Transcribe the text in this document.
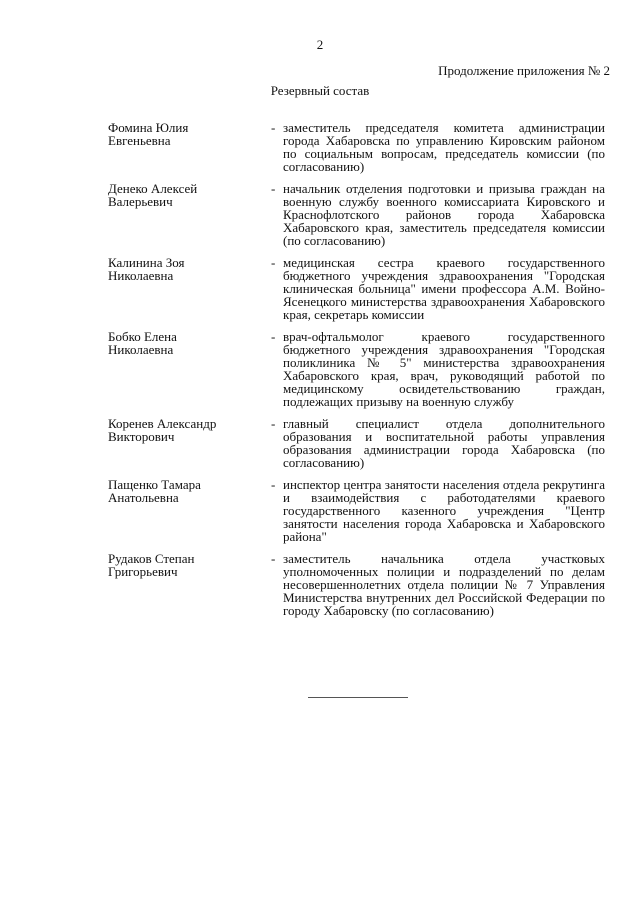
2
Продолжение приложения № 2
Резервный состав
Фомина Юлия
Евгеньевна
- заместитель председателя комитета администрации города Хабаровска по управлению Кировским районом по социальным вопросам, председатель комиссии (по согласованию)
Денеко Алексей
Валерьевич
- начальник отделения подготовки и призыва граждан на военную службу военного комиссариата Кировского и Краснофлотского районов города Хабаровска Хабаровского края, заместитель председателя комиссии (по согласованию)
Калинина Зоя
Николаевна
- медицинская сестра краевого государственного бюджетного учреждения здравоохранения "Городская клиническая больница" имени профессора А.М. Войно-Ясенецкого министерства здравоохранения Хабаровского края, секретарь комиссии
Бобко Елена
Николаевна
- врач-офтальмолог краевого государственного бюджетного учреждения здравоохранения "Городская поликлиника № 5" министерства здравоохранения Хабаровского края, врач, руководящий работой по медицинскому освидетельствованию граждан, подлежащих призыву на военную службу
Коренев Александр
Викторович
- главный специалист отдела дополнительного образования и воспитательной работы управления образования администрации города Хабаровска (по согласованию)
Пащенко Тамара
Анатольевна
- инспектор центра занятости населения отдела рекрутинга и взаимодействия с работодателями краевого государственного казенного учреждения "Центр занятости населения города Хабаровска и Хабаровского района"
Рудаков Степан
Григорьевич
- заместитель начальника отдела участковых уполномоченных полиции и подразделений по делам несовершеннолетних отдела полиции № 7 Управления Министерства внутренних дел Российской Федерации по городу Хабаровску (по согласованию)
